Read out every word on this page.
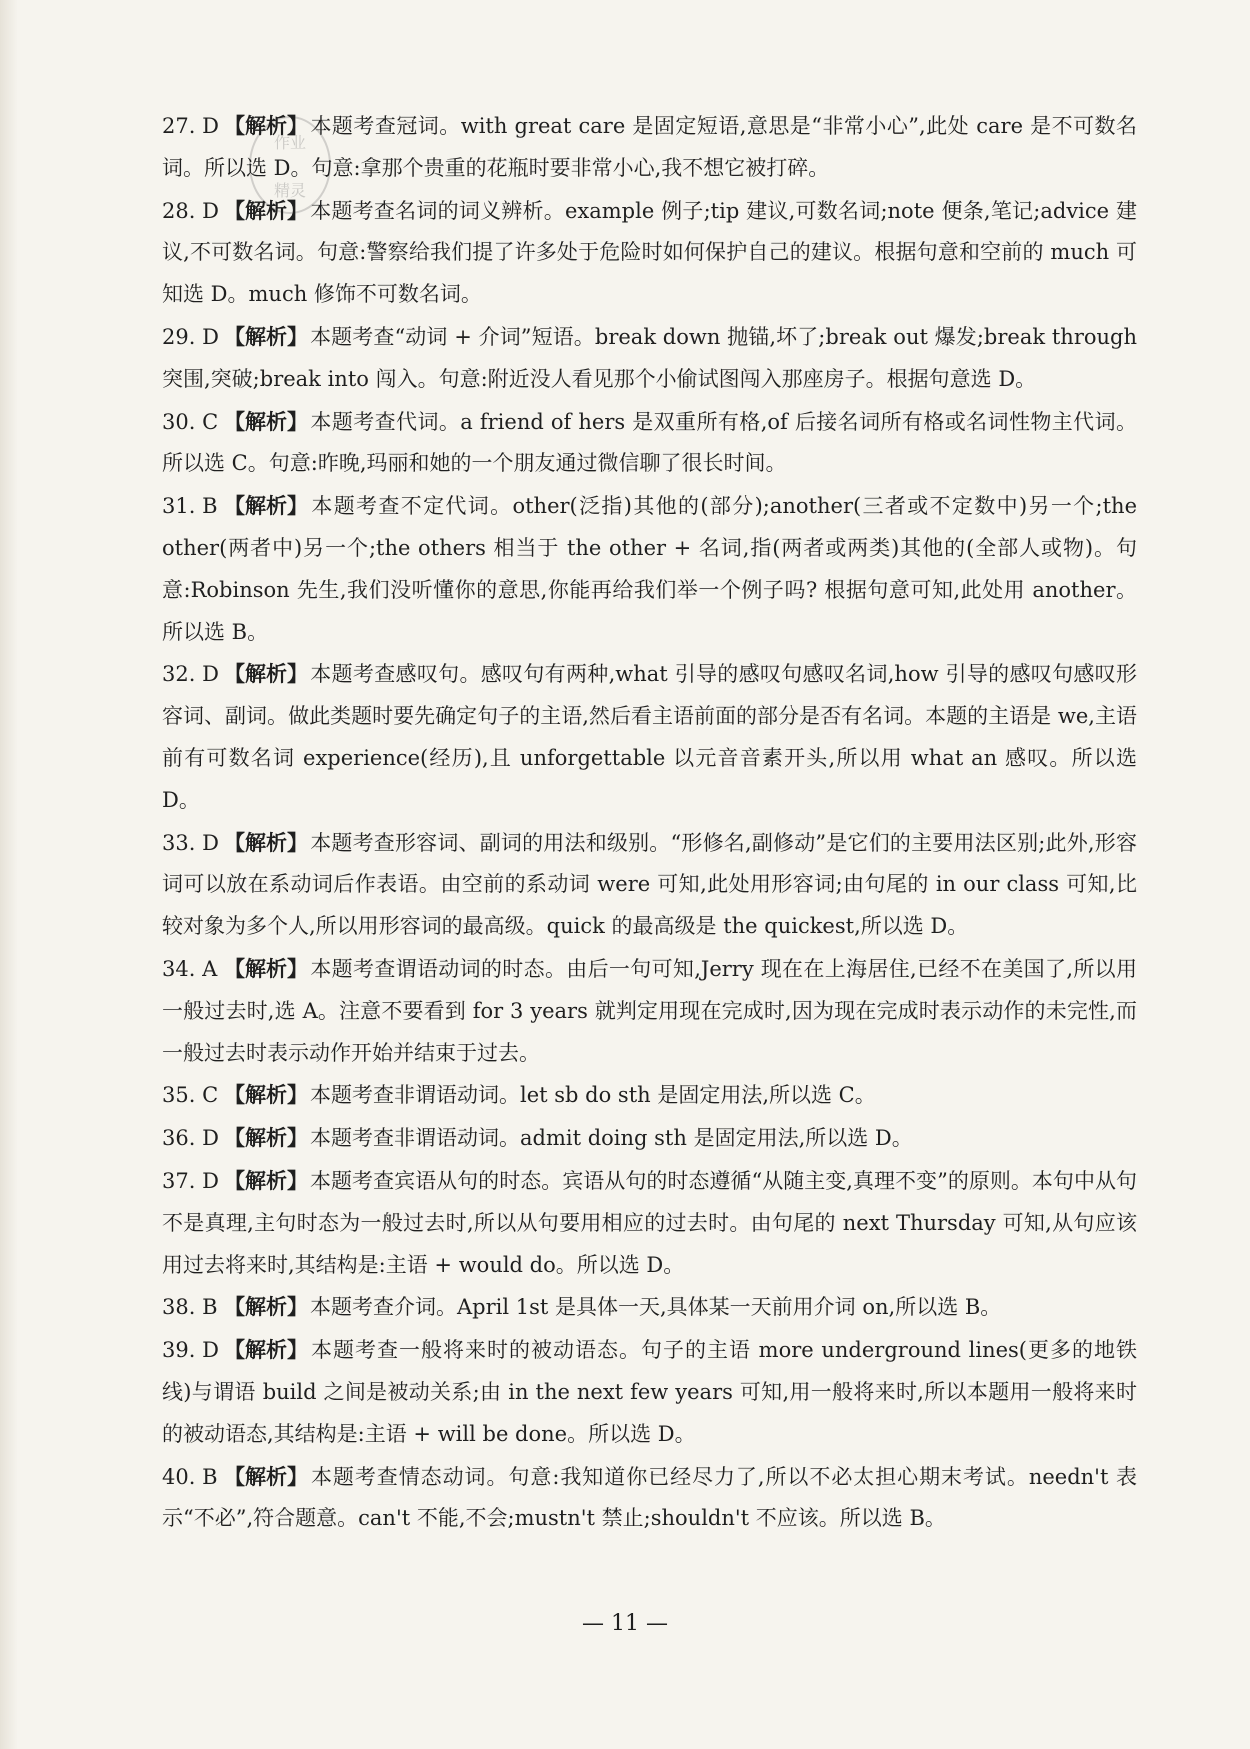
作业
精灵
27. D 【解析】本题考查冠词。with great care 是固定短语,意思是“非常小心”,此处 care 是不可数名词。所以选 D。句意:拿那个贵重的花瓶时要非常小心,我不想它被打碎。
28. D 【解析】本题考查名词的词义辨析。example 例子;tip 建议,可数名词;note 便条,笔记;advice 建议,不可数名词。句意:警察给我们提了许多处于危险时如何保护自己的建议。根据句意和空前的 much 可知选 D。much 修饰不可数名词。
29. D 【解析】本题考查“动词 + 介词”短语。break down 抛锚,坏了;break out 爆发;break through 突围,突破;break into 闯入。句意:附近没人看见那个小偷试图闯入那座房子。根据句意选 D。
30. C 【解析】本题考查代词。a friend of hers 是双重所有格,of 后接名词所有格或名词性物主代词。所以选 C。句意:昨晚,玛丽和她的一个朋友通过微信聊了很长时间。
31. B 【解析】本题考查不定代词。other(泛指)其他的(部分);another(三者或不定数中)另一个;the other(两者中)另一个;the others 相当于 the other + 名词,指(两者或两类)其他的(全部人或物)。句意:Robinson 先生,我们没听懂你的意思,你能再给我们举一个例子吗? 根据句意可知,此处用 another。所以选 B。
32. D 【解析】本题考查感叹句。感叹句有两种,what 引导的感叹句感叹名词,how 引导的感叹句感叹形容词、副词。做此类题时要先确定句子的主语,然后看主语前面的部分是否有名词。本题的主语是 we,主语前有可数名词 experience(经历),且 unforgettable 以元音音素开头,所以用 what an 感叹。所以选 D。
33. D 【解析】本题考查形容词、副词的用法和级别。“形修名,副修动”是它们的主要用法区别;此外,形容词可以放在系动词后作表语。由空前的系动词 were 可知,此处用形容词;由句尾的 in our class 可知,比较对象为多个人,所以用形容词的最高级。quick 的最高级是 the quickest,所以选 D。
34. A 【解析】本题考查谓语动词的时态。由后一句可知,Jerry 现在在上海居住,已经不在美国了,所以用一般过去时,选 A。注意不要看到 for 3 years 就判定用现在完成时,因为现在完成时表示动作的未完性,而一般过去时表示动作开始并结束于过去。
35. C 【解析】本题考查非谓语动词。let sb do sth 是固定用法,所以选 C。
36. D 【解析】本题考查非谓语动词。admit doing sth 是固定用法,所以选 D。
37. D 【解析】本题考查宾语从句的时态。宾语从句的时态遵循“从随主变,真理不变”的原则。本句中从句不是真理,主句时态为一般过去时,所以从句要用相应的过去时。由句尾的 next Thursday 可知,从句应该用过去将来时,其结构是:主语 + would do。所以选 D。
38. B 【解析】本题考查介词。April 1st 是具体一天,具体某一天前用介词 on,所以选 B。
39. D 【解析】本题考查一般将来时的被动语态。句子的主语 more underground lines(更多的地铁线)与谓语 build 之间是被动关系;由 in the next few years 可知,用一般将来时,所以本题用一般将来时的被动语态,其结构是:主语 + will be done。所以选 D。
40. B 【解析】本题考查情态动词。句意:我知道你已经尽力了,所以不必太担心期末考试。needn't 表示“不必”,符合题意。can't 不能,不会;mustn't 禁止;shouldn't 不应该。所以选 B。
— 11 —
